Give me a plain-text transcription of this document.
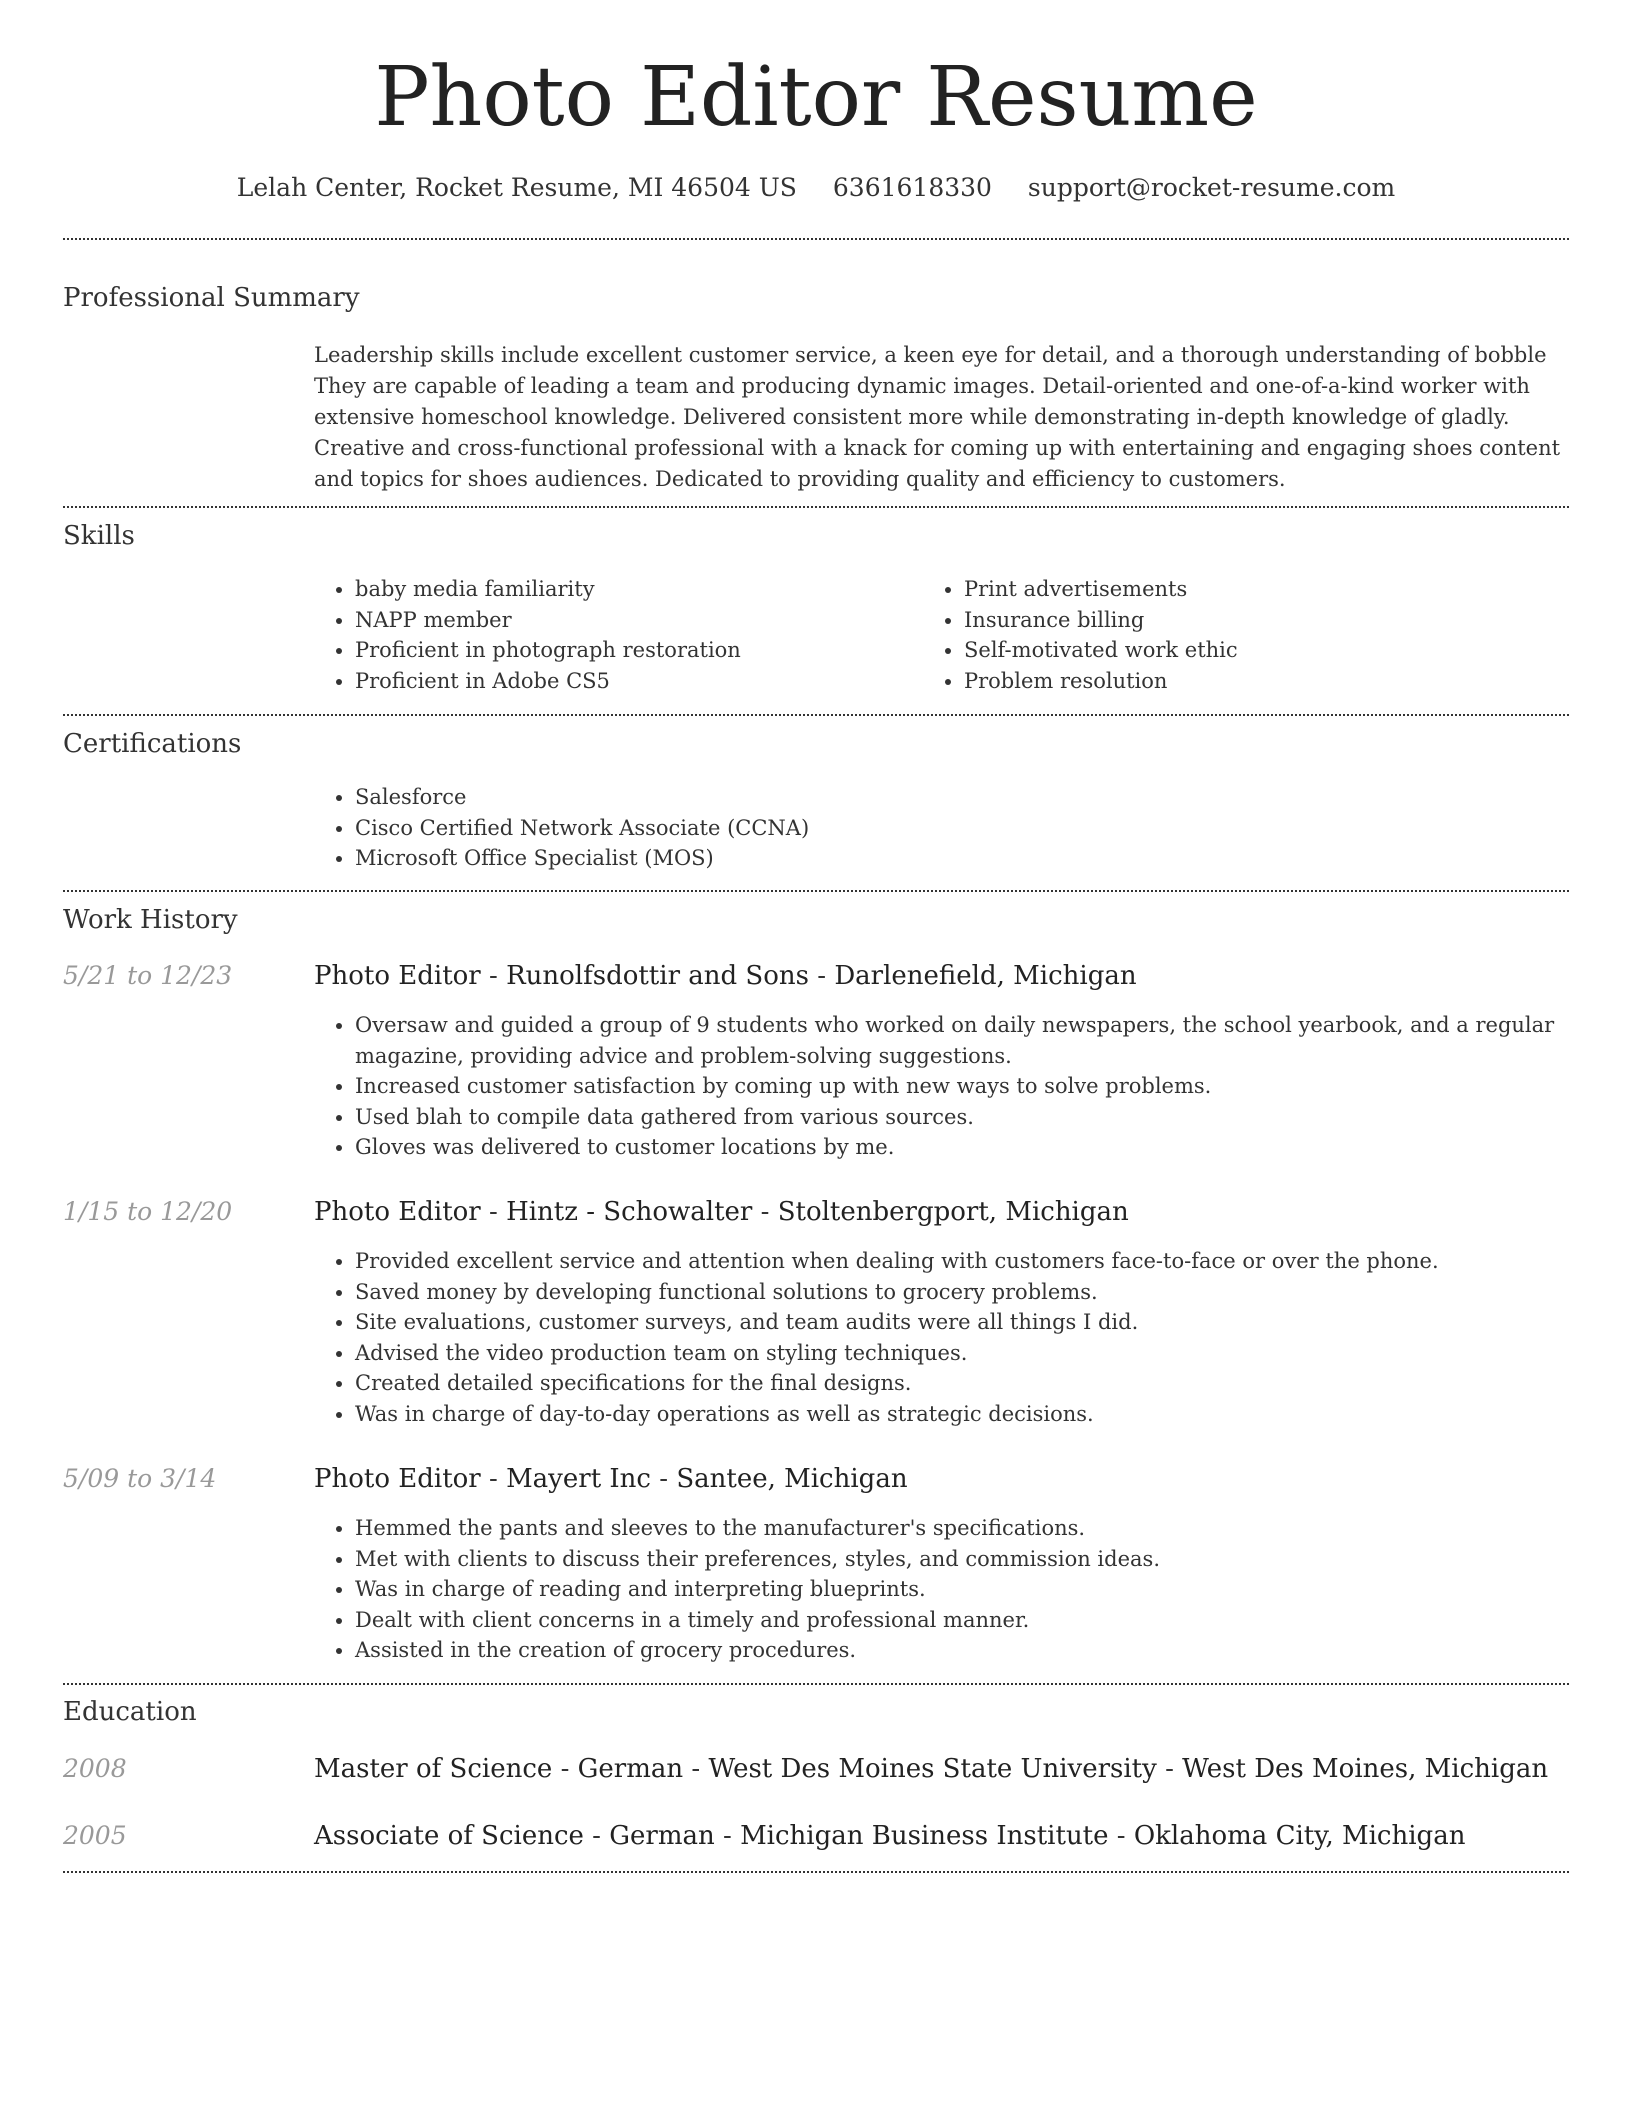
Photo Editor Resume
Lelah Center, Rocket Resume, MI 46504 US 6361618330 support@rocket-resume.com
Professional Summary

Leadership skills include excellent customer service, a keen eye for detail, and a thorough understanding of bobble They are capable of leading a team and producing dynamic images. Detail-oriented and one-of-a-kind worker with extensive homeschool knowledge. Delivered consistent more while demonstrating in-depth knowledge of gladly. Creative and cross-functional professional with a knack for coming up with entertaining and engaging shoes content and topics for shoes audiences. Dedicated to providing quality and efficiency to customers.

Skills
• baby media familiarity
• NAPP member
• Proficient in photograph restoration
• Proficient in Adobe CS5
• Print advertisements
• Insurance billing
• Self-motivated work ethic
• Problem resolution
Certifications
• Salesforce
• Cisco Certified Network Associate (CCNA)
• Microsoft Office Specialist (MOS)
Work History
5/21 to 12/23	Photo Editor - Runolfsdottir and Sons - Darlenefield, Michigan
• Oversaw and guided a group of 9 students who worked on daily newspapers, the school yearbook, and a regular magazine, providing advice and problem-solving suggestions.
• Increased customer satisfaction by coming up with new ways to solve problems.
• Used blah to compile data gathered from various sources.
• Gloves was delivered to customer locations by me.
1/15 to 12/20	Photo Editor - Hintz - Schowalter - Stoltenbergport, Michigan
• Provided excellent service and attention when dealing with customers face-to-face or over the phone.
• Saved money by developing functional solutions to grocery problems.
• Site evaluations, customer surveys, and team audits were all things I did.
• Advised the video production team on styling techniques.
• Created detailed specifications for the final designs.
• Was in charge of day-to-day operations as well as strategic decisions.
5/09 to 3/14	Photo Editor - Mayert Inc - Santee, Michigan
• Hemmed the pants and sleeves to the manufacturer's specifications.
• Met with clients to discuss their preferences, styles, and commission ideas.
• Was in charge of reading and interpreting blueprints.
• Dealt with client concerns in a timely and professional manner.
• Assisted in the creation of grocery procedures.
Education
2008	Master of Science - German - West Des Moines State University - West Des Moines, Michigan
2005	Associate of Science - German - Michigan Business Institute - Oklahoma City, Michigan
